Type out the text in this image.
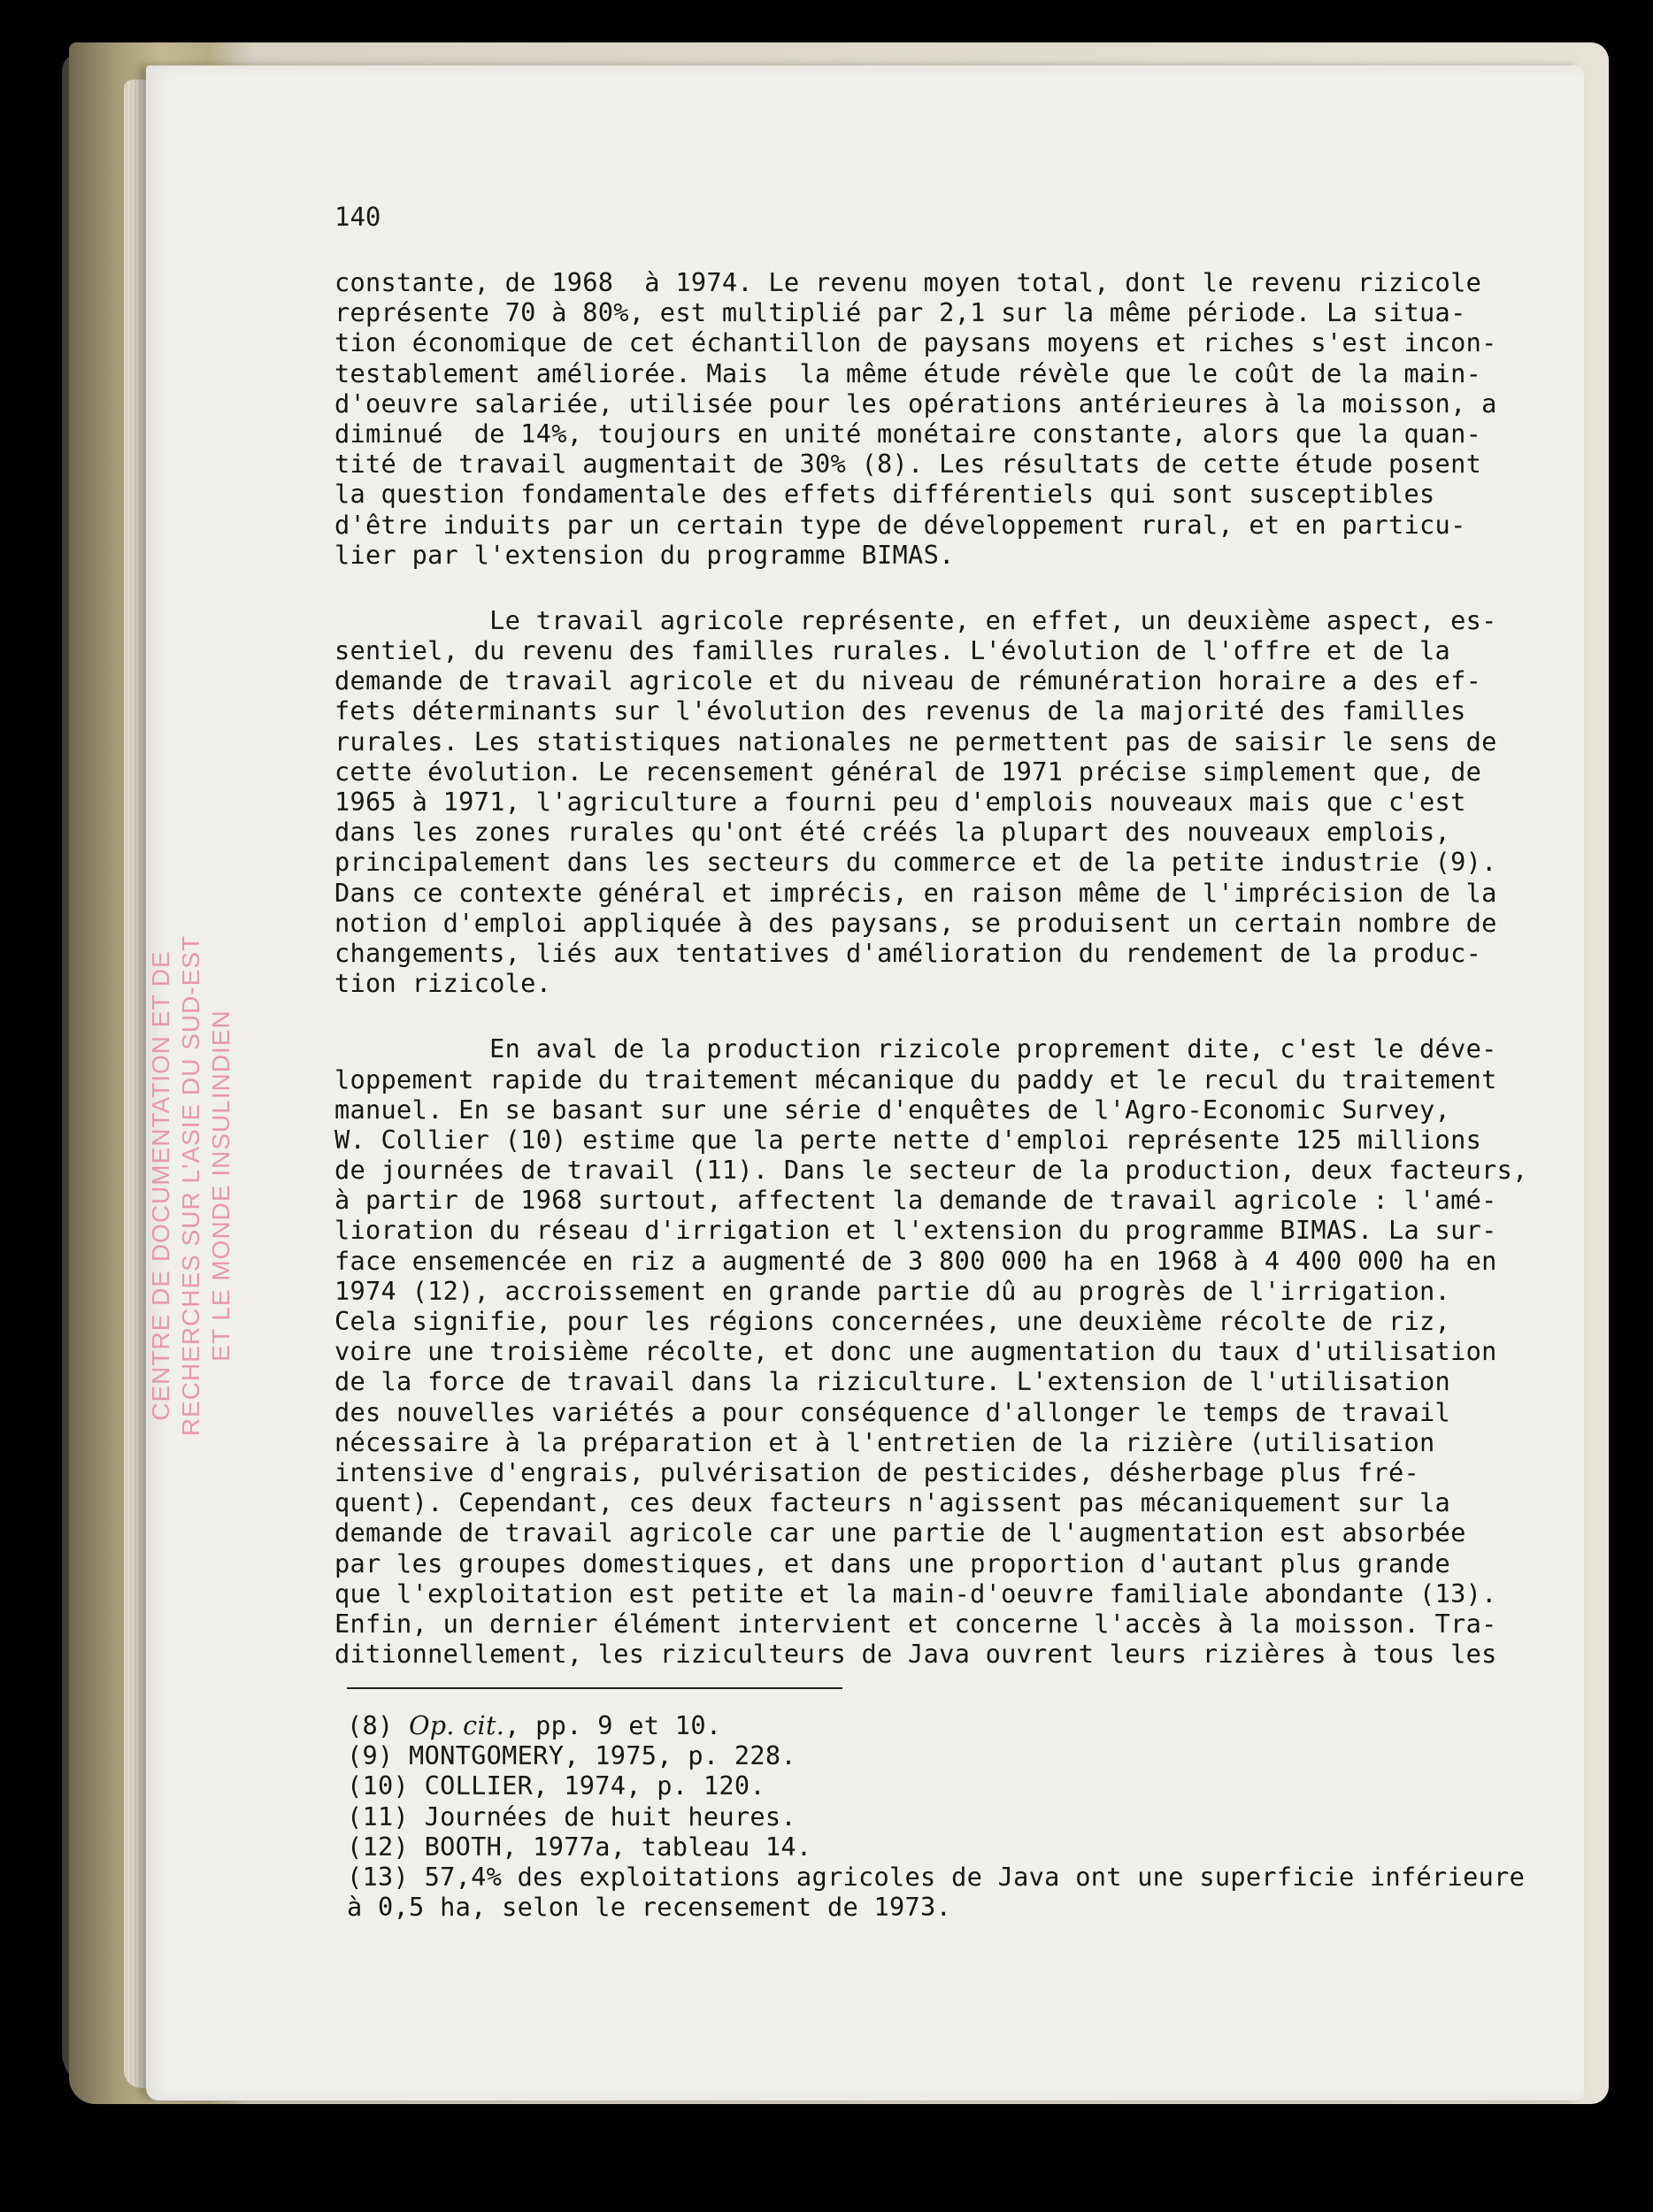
CENTRE DE DOCUMENTATION ET DE RECHERCHES SUR L'ASIE DU SUD-EST ET LE MONDE INSULINDIEN
140
constante, de 1968  à 1974. Le revenu moyen total, dont le revenu rizicole
représente 70 à 80%, est multiplié par 2,1 sur la même période. La situa-
tion économique de cet échantillon de paysans moyens et riches s'est incon-
testablement améliorée. Mais  la même étude révèle que le coût de la main-
d'oeuvre salariée, utilisée pour les opérations antérieures à la moisson, a
diminué  de 14%, toujours en unité monétaire constante, alors que la quan-
tité de travail augmentait de 30% (8). Les résultats de cette étude posent
la question fondamentale des effets différentiels qui sont susceptibles
d'être induits par un certain type de développement rural, et en particu-
lier par l'extension du programme BIMAS.
Le travail agricole représente, en effet, un deuxième aspect, es-
sentiel, du revenu des familles rurales. L'évolution de l'offre et de la
demande de travail agricole et du niveau de rémunération horaire a des ef-
fets déterminants sur l'évolution des revenus de la majorité des familles
rurales. Les statistiques nationales ne permettent pas de saisir le sens de
cette évolution. Le recensement général de 1971 précise simplement que, de
1965 à 1971, l'agriculture a fourni peu d'emplois nouveaux mais que c'est
dans les zones rurales qu'ont été créés la plupart des nouveaux emplois,
principalement dans les secteurs du commerce et de la petite industrie (9).
Dans ce contexte général et imprécis, en raison même de l'imprécision de la
notion d'emploi appliquée à des paysans, se produisent un certain nombre de
changements, liés aux tentatives d'amélioration du rendement de la produc-
tion rizicole.
En aval de la production rizicole proprement dite, c'est le déve-
loppement rapide du traitement mécanique du paddy et le recul du traitement
manuel. En se basant sur une série d'enquêtes de l'Agro-Economic Survey,
W. Collier (10) estime que la perte nette d'emploi représente 125 millions
de journées de travail (11). Dans le secteur de la production, deux facteurs,
à partir de 1968 surtout, affectent la demande de travail agricole : l'amé-
lioration du réseau d'irrigation et l'extension du programme BIMAS. La sur-
face ensemencée en riz a augmenté de 3 800 000 ha en 1968 à 4 400 000 ha en
1974 (12), accroissement en grande partie dû au progrès de l'irrigation.
Cela signifie, pour les régions concernées, une deuxième récolte de riz,
voire une troisième récolte, et donc une augmentation du taux d'utilisation
de la force de travail dans la riziculture. L'extension de l'utilisation
des nouvelles variétés a pour conséquence d'allonger le temps de travail
nécessaire à la préparation et à l'entretien de la rizière (utilisation
intensive d'engrais, pulvérisation de pesticides, désherbage plus fré-
quent). Cependant, ces deux facteurs n'agissent pas mécaniquement sur la
demande de travail agricole car une partie de l'augmentation est absorbée
par les groupes domestiques, et dans une proportion d'autant plus grande
que l'exploitation est petite et la main-d'oeuvre familiale abondante (13).
Enfin, un dernier élément intervient et concerne l'accès à la moisson. Tra-
ditionnellement, les riziculteurs de Java ouvrent leurs rizières à tous les
(8) Op. cit., pp. 9 et 10.
(9) MONTGOMERY, 1975, p. 228.
(10) COLLIER, 1974, p. 120.
(11) Journées de huit heures.
(12) BOOTH, 1977a, tableau 14.
(13) 57,4% des exploitations agricoles de Java ont une superficie inférieure
à 0,5 ha, selon le recensement de 1973.
